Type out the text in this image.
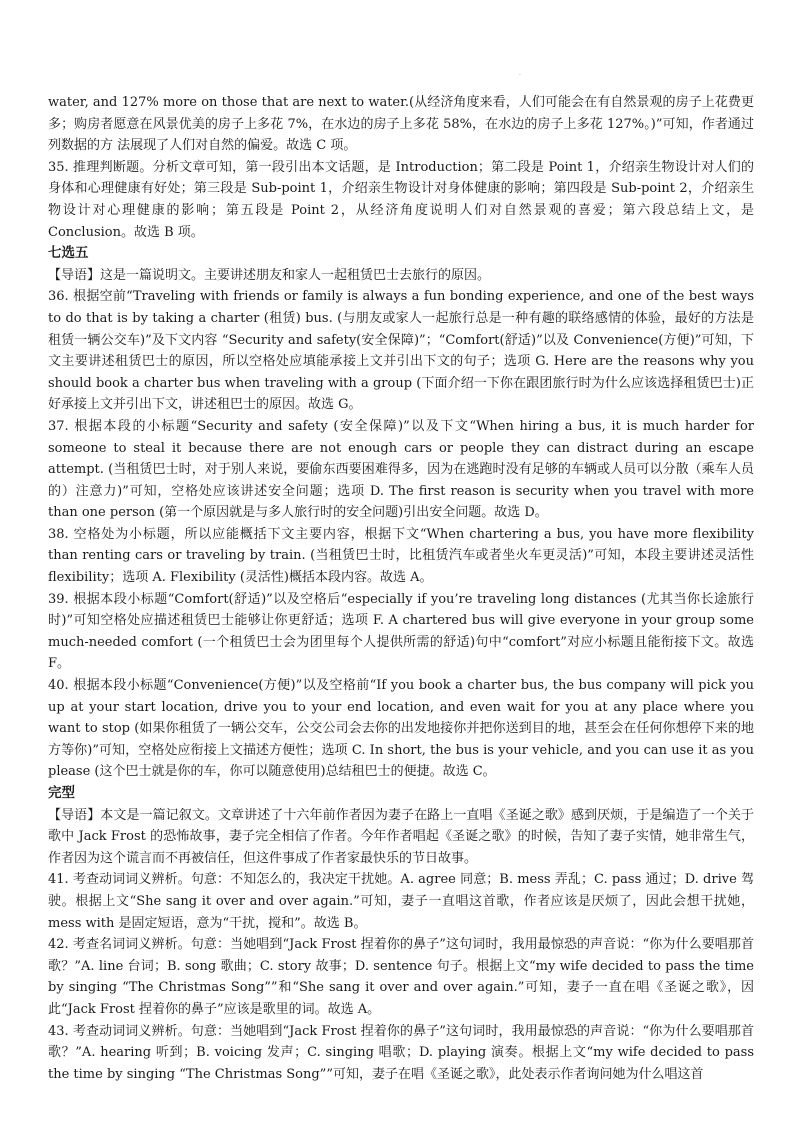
·

water, and 127% more on those that are next to water.(从经济角度来看，人们可能会在有自然景观的房子上花费更多；购房者愿意在风景优美的房子上多花 7%，在水边的房子上多花 58%，在水边的房子上多花 127%。)”可知，作者通过列数据的方 法展现了人们对自然的偏爱。故选 C 项。

35. 推理判断题。分析文章可知，第一段引出本文话题，是 Introduction；第二段是 Point 1，介绍亲生物设计对人们的身体和心理健康有好处；第三段是 Sub-point 1，介绍亲生物设计对身体健康的影响；第四段是 Sub-point 2，介绍亲生物设计对心理健康的影响；第五段是 Point 2，从经济角度说明人们对自然景观的喜爱；第六段总结上文，是 Conclusion。故选 B 项。

七选五

【导语】这是一篇说明文。主要讲述朋友和家人一起租赁巴士去旅行的原因。

36. 根据空前“Traveling with friends or family is always a fun bonding experience, and one of the best ways to do that is by taking a charter (租赁) bus. (与朋友或家人一起旅行总是一种有趣的联络感情的体验，最好的方法是租赁一辆公交车)”及下文内容 “Security and safety(安全保障)”；“Comfort(舒适)”以及 Convenience(方便)”可知，下文主要讲述租赁巴士的原因，所以空格处应填能承接上文并引出下文的句子；选项 G. Here are the reasons why you should book a charter bus when traveling with a group (下面介绍一下你在跟团旅行时为什么应该选择租赁巴士)正好承接上文并引出下文，讲述租巴士的原因。故选 G。

37. 根据本段的小标题“Security and safety (安全保障)”以及下文“When hiring a bus, it is much harder for someone to steal it because there are not enough cars or people they can distract during an escape attempt. (当租赁巴士时，对于别人来说，要偷东西要困难得多，因为在逃跑时没有足够的车辆或人员可以分散（乘车人员的）注意力)”可知，空格处应该讲述安全问题；选项 D. The first reason is security when you travel with more than one person (第一个原因就是与多人旅行时的安全问题)引出安全问题。故选 D。

38. 空格处为小标题，所以应能概括下文主要内容，根据下文“When chartering a bus, you have more flexibility than renting cars or traveling by train. (当租赁巴士时，比租赁汽车或者坐火车更灵活)”可知，本段主要讲述灵活性 flexibility；选项 A. Flexibility (灵活性)概括本段内容。故选 A。

39. 根据本段小标题“Comfort(舒适)”以及空格后“especially if you’re traveling long distances (尤其当你长途旅行时)”可知空格处应描述租赁巴士能够让你更舒适；选项 F. A chartered bus will give everyone in your group some much-needed comfort (一个租赁巴士会为团里每个人提供所需的舒适)句中“comfort”对应小标题且能衔接下文。故选 F。

40. 根据本段小标题“Convenience(方便)”以及空格前“If you book a charter bus, the bus company will pick you up at your start location, drive you to your end location, and even wait for you at any place where you want to stop (如果你租赁了一辆公交车，公交公司会去你的出发地接你并把你送到目的地，甚至会在任何你想停下来的地方等你)”可知，空格处应衔接上文描述方便性；选项 C. In short, the bus is your vehicle, and you can use it as you please (这个巴士就是你的车，你可以随意使用)总结租巴士的便捷。故选 C。

完型

【导语】本文是一篇记叙文。文章讲述了十六年前作者因为妻子在路上一直唱《圣诞之歌》感到厌烦，于是编造了一个关于歌中 Jack Frost 的恐怖故事，妻子完全相信了作者。今年作者唱起《圣诞之歌》的时候，告知了妻子实情，她非常生气，作者因为这个谎言而不再被信任，但这件事成了作者家最快乐的节日故事。

41. 考查动词词义辨析。句意：不知怎么的，我决定干扰她。A. agree 同意；B. mess 弄乱；C. pass 通过；D. drive 驾驶。根据上文“She sang it over and over again.”可知，妻子一直唱这首歌，作者应该是厌烦了，因此会想干扰她，mess with 是固定短语，意为“干扰，搅和”。故选 B。

42. 考查名词词义辨析。句意：当她唱到“Jack Frost 捏着你的鼻子”这句词时，我用最惊恐的声音说：“你为什么要唱那首歌？”A. line 台词；B. song 歌曲；C. story 故事；D. sentence 句子。根据上文“my wife decided to pass the time by singing “The Christmas Song””和“She sang it over and over again.”可知，妻子一直在唱《圣诞之歌》，因此“Jack Frost 捏着你的鼻子”应该是歌里的词。故选 A。

43. 考查动词词义辨析。句意：当她唱到“Jack Frost 捏着你的鼻子”这句词时，我用最惊恐的声音说：“你为什么要唱那首歌？”A. hearing 听到；B. voicing 发声；C. singing 唱歌；D. playing 演奏。根据上文“my wife decided to pass the time by singing “The Christmas Song””可知，妻子在唱《圣诞之歌》，此处表示作者询问她为什么唱这首
